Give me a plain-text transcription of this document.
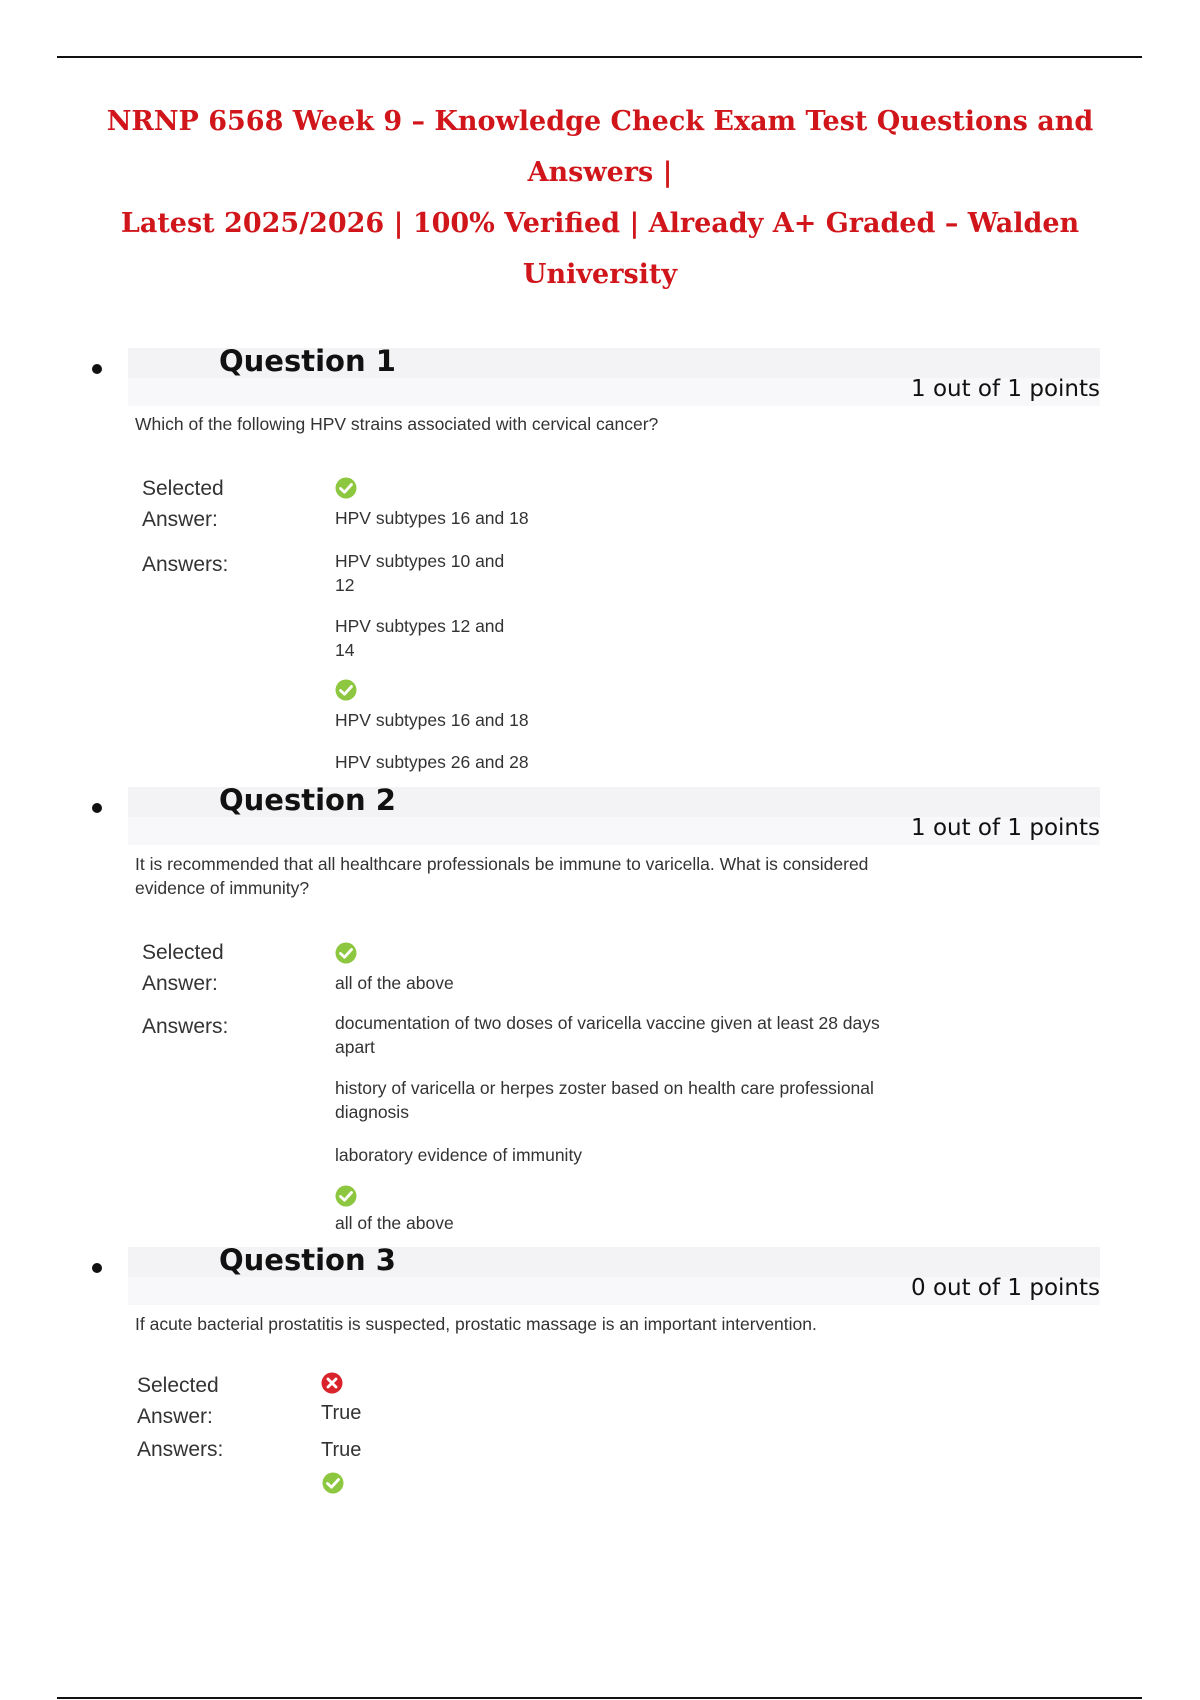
NRNP 6568 Week 9 – Knowledge Check Exam Test Questions and Answers |
Latest 2025/2026 | 100% Verified | Already A+ Graded – Walden University
Question 1
1 out of 1 points
Which of the following HPV strains associated with cervical cancer?
Selected
Answer:	HPV subtypes 16 and 18
Answers:	HPV subtypes 10 and
12
HPV subtypes 12 and
14
HPV subtypes 16 and 18
HPV subtypes 26 and 28
Question 2
1 out of 1 points
It is recommended that all healthcare professionals be immune to varicella. What is considered
evidence of immunity?
Selected
Answer:	all of the above
Answers:	documentation of two doses of varicella vaccine given at least 28 days
apart
history of varicella or herpes zoster based on health care professional
diagnosis
laboratory evidence of immunity
all of the above
Question 3
0 out of 1 points
If acute bacterial prostatitis is suspected, prostatic massage is an important intervention.
Selected
Answer:	True
Answers:	True
